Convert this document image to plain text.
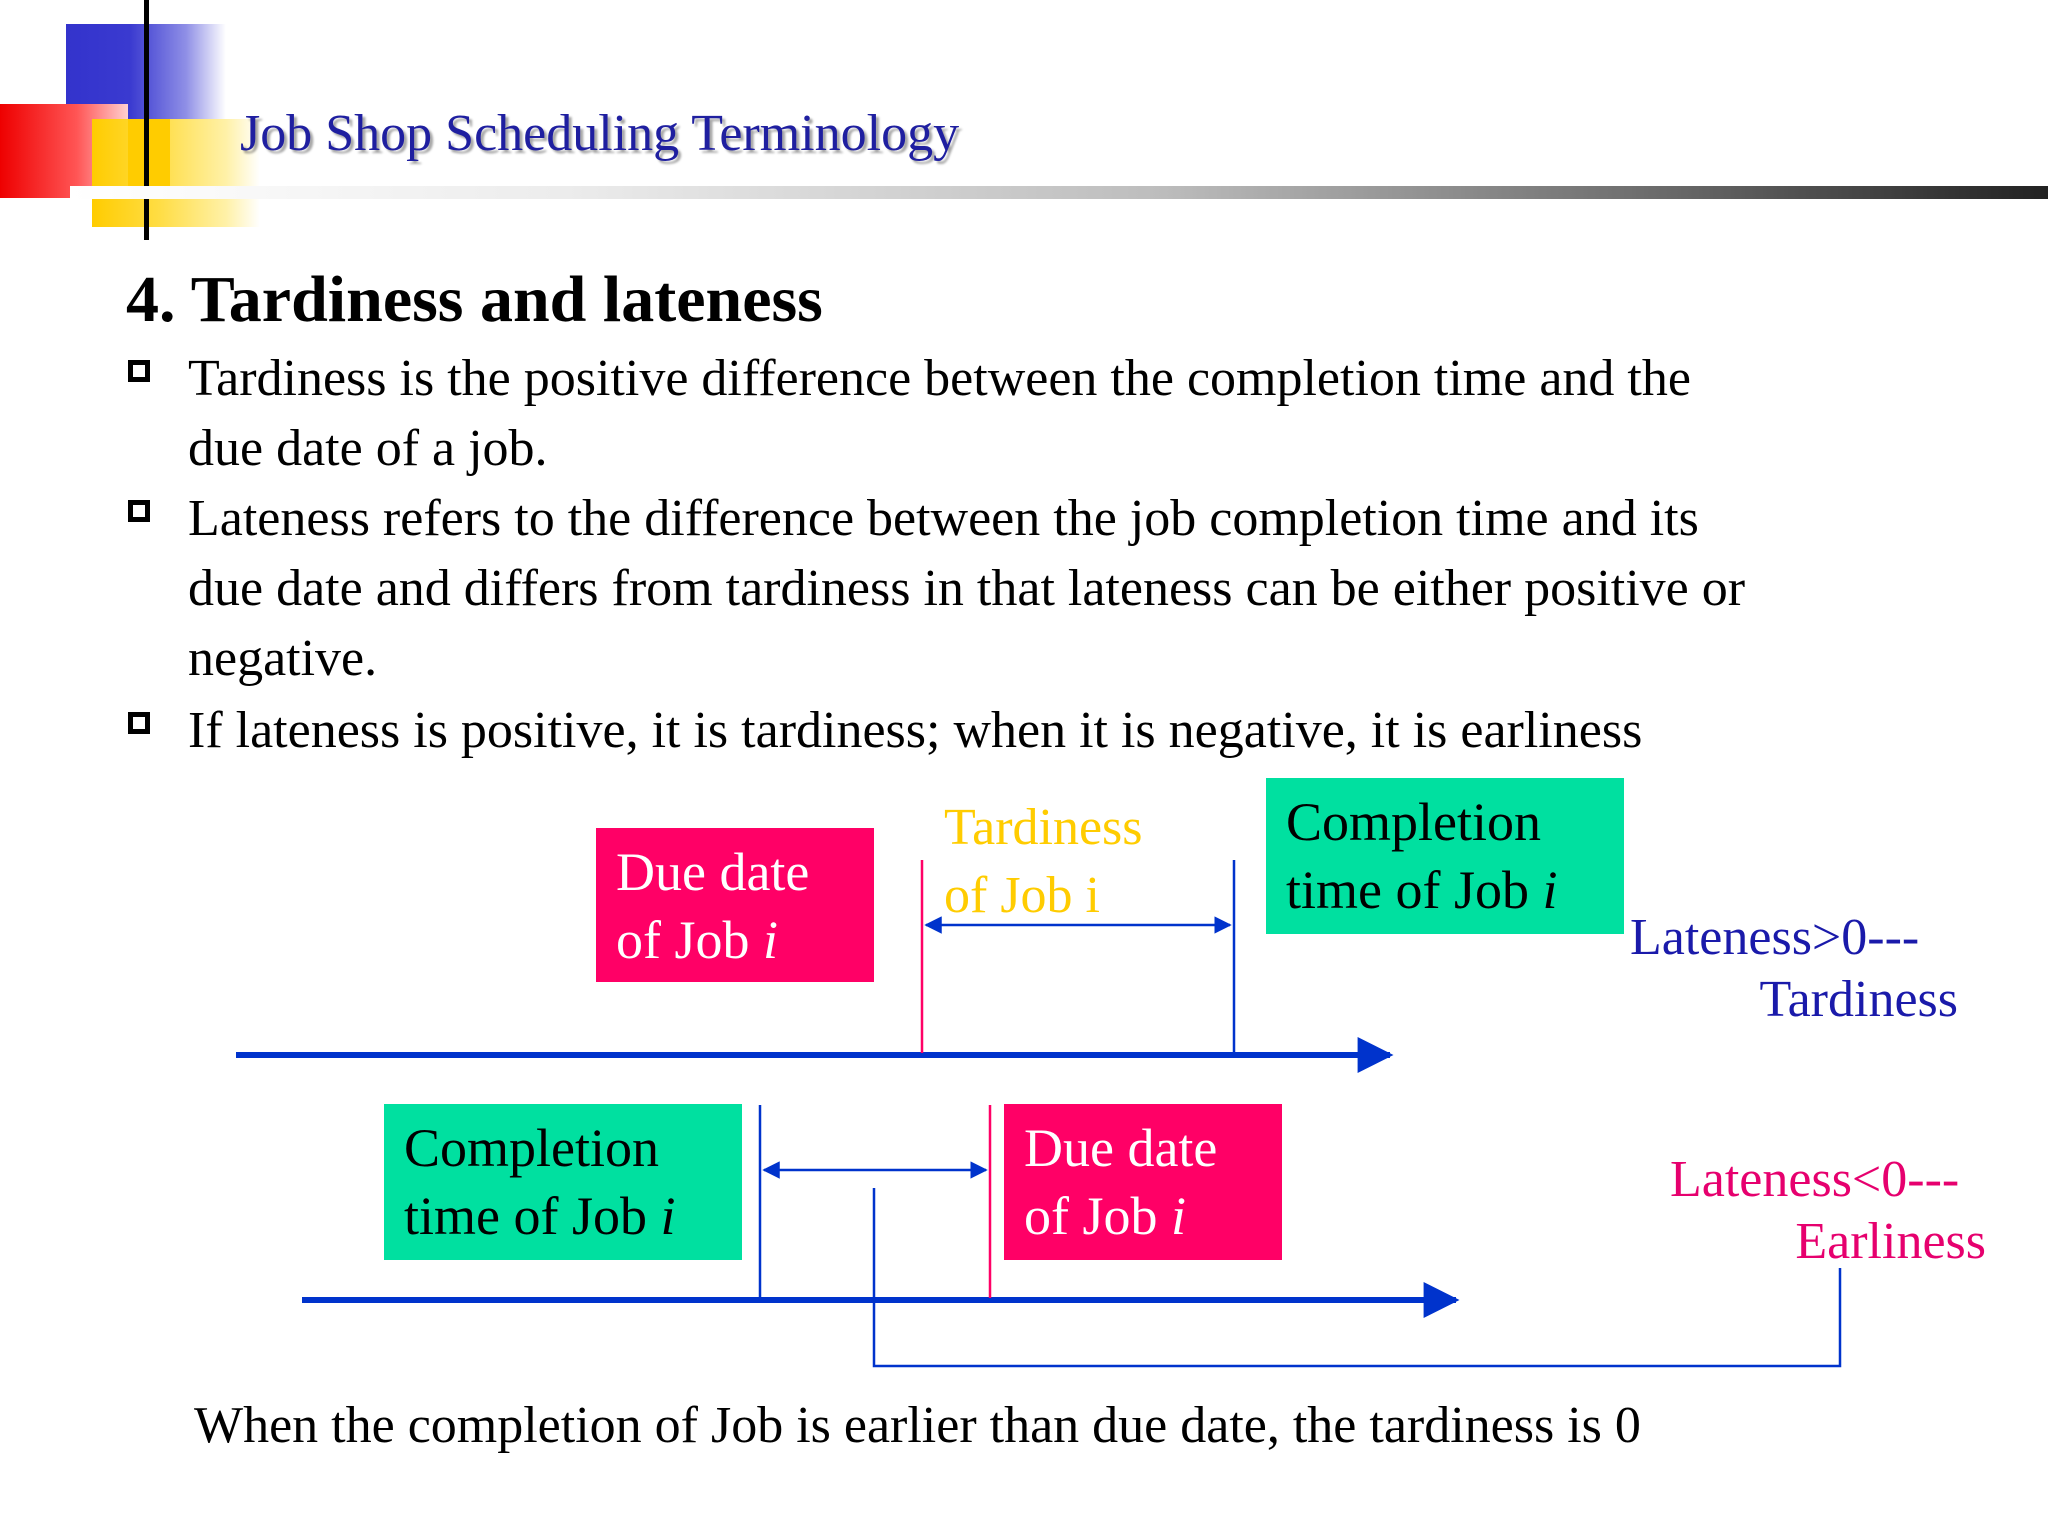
Job Shop Scheduling Terminology
4. Tardiness and lateness
Tardiness is the positive difference between the completion time and the
due date of a job.
Lateness refers to the difference between the job completion time and its
due date and differs from tardiness in that lateness can be either positive or
negative.
If lateness is positive, it is tardiness; when it is negative, it is earliness
Due date
of Job i
Tardiness
of Job i
Completion
time of Job i
Lateness>0---
Tardiness
Completion
time of Job i
Due date
of Job i
Lateness<0---
Earliness
When the completion of Job is earlier than due date, the tardiness is 0
